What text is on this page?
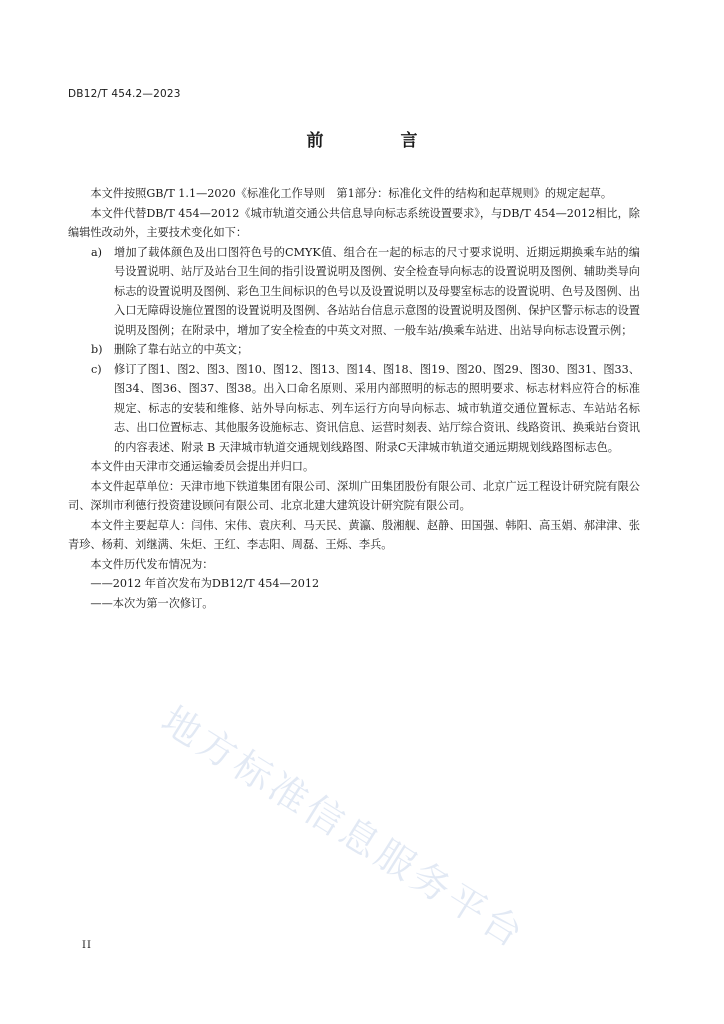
DB12/T 454.2—2023
前　言

本文件按照GB/T 1.1—2020《标准化工作导则　第1部分：标准化文件的结构和起草规则》的规定起草。

本文件代替DB/T 454—2012《城市轨道交通公共信息导向标志系统设置要求》，与DB/T 454—2012相比，除编辑性改动外，主要技术变化如下：

a) 增加了载体颜色及出口图符色号的CMYK值、组合在一起的标志的尺寸要求说明、近期远期换乘车站的编号设置说明、站厅及站台卫生间的指引设置说明及图例、安全检查导向标志的设置说明及图例、辅助类导向标志的设置说明及图例、彩色卫生间标识的色号以及设置说明以及母婴室标志的设置说明、色号及图例、出入口无障碍设施位置图的设置说明及图例、各站站台信息示意图的设置说明及图例、保护区警示标志的设置说明及图例；在附录中，增加了安全检查的中英文对照、一般车站/换乘车站进、出站导向标志设置示例；
b) 删除了靠右站立的中英文；
c) 修订了图1、图2、图3、图10、图12、图13、图14、图18、图19、图20、图29、图30、图31、图33、图34、图36、图37、图38。出入口命名原则、采用内部照明的标志的照明要求、标志材料应符合的标准规定、标志的安装和维修、站外导向标志、列车运行方向导向标志、城市轨道交通位置标志、车站站名标志、出口位置标志、其他服务设施标志、资讯信息、运营时刻表、站厅综合资讯、线路资讯、换乘站台资讯的内容表述、附录 B 天津城市轨道交通规划线路图、附录C天津城市轨道交通远期规划线路图标志色。

本文件由天津市交通运输委员会提出并归口。

本文件起草单位：天津市地下铁道集团有限公司、深圳广田集团股份有限公司、北京广远工程设计研究院有限公司、深圳市利德行投资建设顾问有限公司、北京北建大建筑设计研究院有限公司。

本文件主要起草人：闫伟、宋伟、袁庆利、马天民、黄瀛、殷湘舰、赵静、田国强、韩阳、高玉娟、郝津津、张青珍、杨莉、刘继满、朱炬、王红、李志阳、周磊、王烁、李兵。

本文件历代发布情况为：

——2012 年首次发布为DB12/T 454—2012

——本次为第一次修订。

地方标准信息服务平台
II
